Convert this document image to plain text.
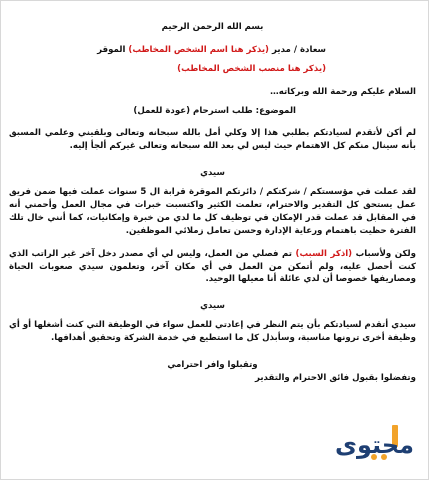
بسم الله الرحمن الرحيم

سعادة / مدير (يذكر هنا اسم الشخص المخاطب) الموقر

(يذكر هنا منصب الشخص المخاطب)

السلام عليكم ورحمة الله وبركاته…

الموضوع: طلب استرحام (عودة للعمل)

لم أكن لأتقدم لسيادتكم بطلبي هذا إلا وكلي أمل بالله سبحانه وتعالى وبلقيني وعلمي المسبق بأنه سينال منكم كل الاهتمام حيث ليس لي بعد الله سبحانه وتعالى غيركم ألجأ إليه.

سيدي

لقد عملت في مؤسستكم / شركتكم / دائرتكم الموقرة قرابة ال 5 سنوات عملت فيها ضمن فريق عمل يستحق كل التقدير والاحترام، تعلمت الكثير واكتسبت خبرات في مجال العمل وأحمني أنه في المقابل قد عملت قدر الإمكان في توظيف كل ما لدي من خبرة وإمكانيات، كما أنني خال تلك الفترة حظيت باهتمام ورعاية الإدارة وحسن تعامل زملائي الموظفين.

ولكن ولأسباب (اذكر السبب) تم فصلي من العمل، وليس لي أي مصدر دخل آخر غير الراتب الذي كنت أحصل عليه، ولم أتمكن من العمل في أي مكان آخر، وتعلمون سيدي صعوبات الحياة ومصاريفها خصوصا أن لدي عائلة أنا معيلها الوحيد.

سيدي

سيدي أتقدم لسيادتكم بأن يتم النظر في إعادتي للعمل سواء في الوظيفة التي كنت أشغلها أو أي وظيفة أخرى ترونها مناسبة، وسأبذل كل ما استطيع في خدمة الشركة وتحقيق أهدافها.

وتقبلوا وافر احترامي

وتفضلوا بقبول فائق الاحترام والتقدير

محتوى
